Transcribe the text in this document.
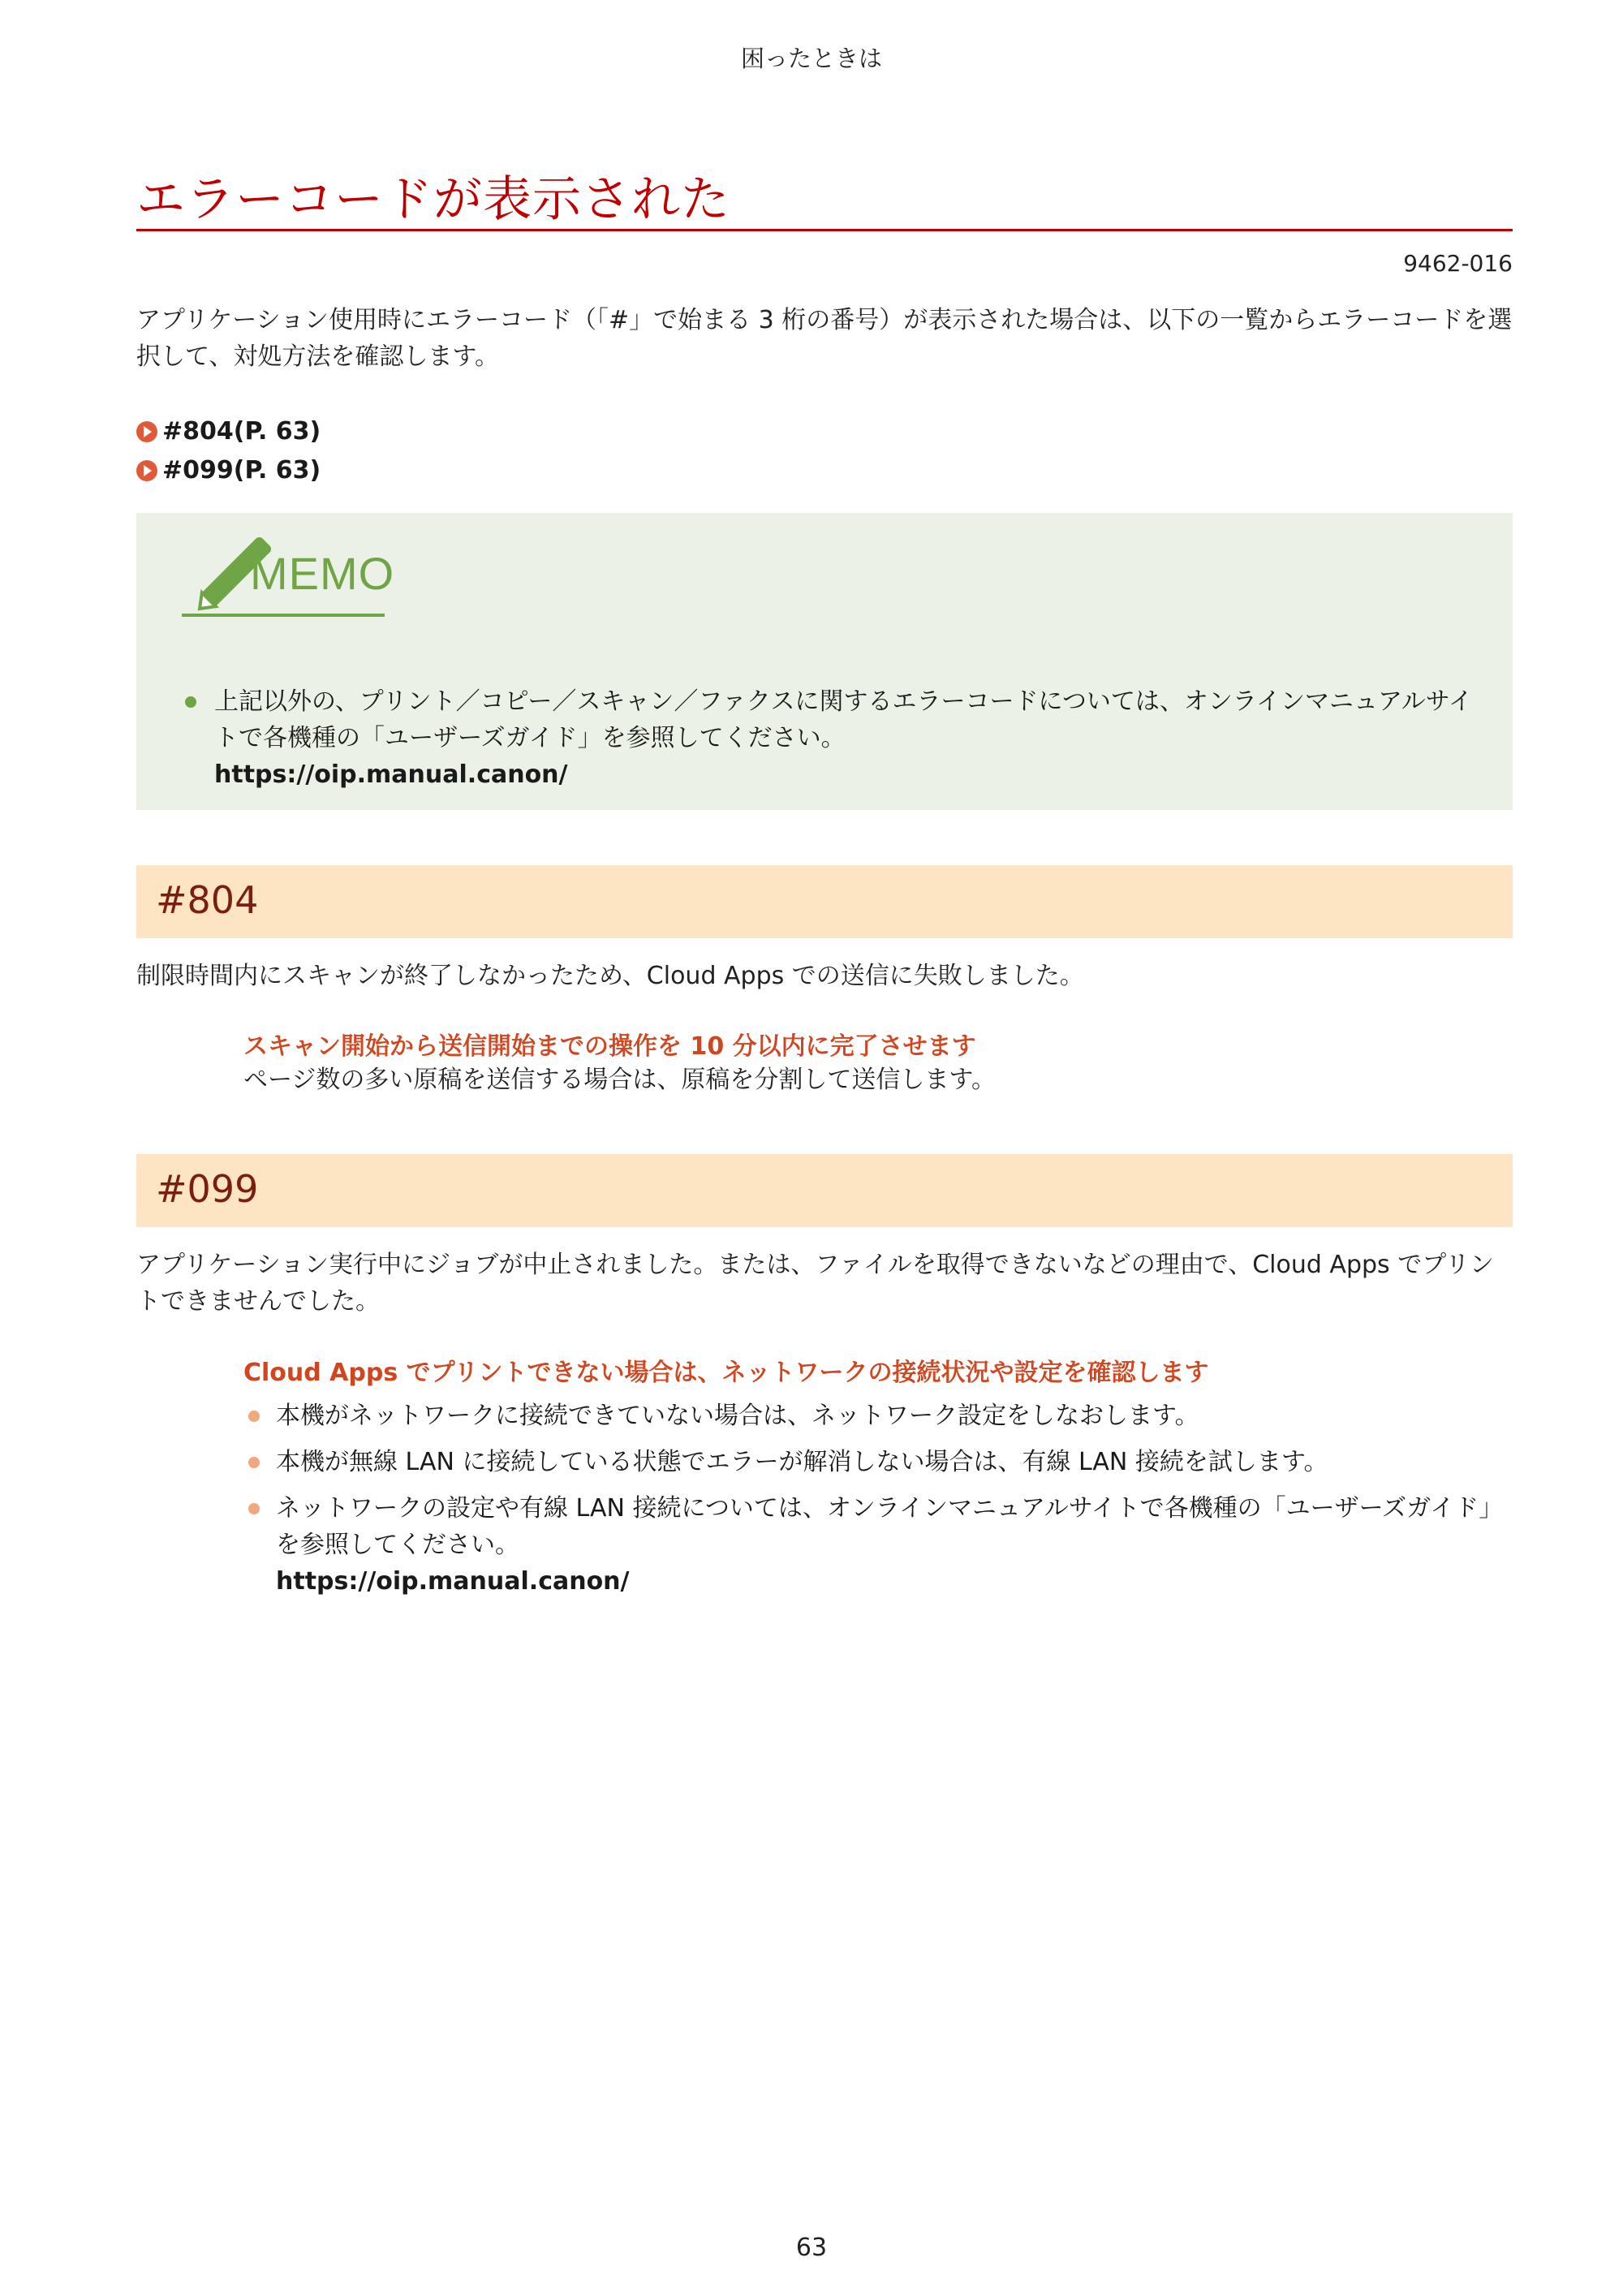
困ったときは
エラーコードが表示された
9462-016
アプリケーション使用時にエラーコード（「#」で始まる 3 桁の番号）が表示された場合は、以下の一覧からエラーコードを選択して、対処方法を確認します。
#804(P. 63)
#099(P. 63)
MEMO
上記以外の、プリント／コピー／スキャン／ファクスに関するエラーコードについては、オンラインマニュアルサイトで各機種の「ユーザーズガイド」を参照してください。
https://oip.manual.canon/
#804
制限時間内にスキャンが終了しなかったため、Cloud Apps での送信に失敗しました。
スキャン開始から送信開始までの操作を 10 分以内に完了させます
ページ数の多い原稿を送信する場合は、原稿を分割して送信します。
#099
アプリケーション実行中にジョブが中止されました。または、ファイルを取得できないなどの理由で、Cloud Apps でプリントできませんでした。
Cloud Apps でプリントできない場合は、ネットワークの接続状況や設定を確認します
本機がネットワークに接続できていない場合は、ネットワーク設定をしなおします。
本機が無線 LAN に接続している状態でエラーが解消しない場合は、有線 LAN 接続を試します。
ネットワークの設定や有線 LAN 接続については、オンラインマニュアルサイトで各機種の「ユーザーズガイド」を参照してください。
https://oip.manual.canon/
63
